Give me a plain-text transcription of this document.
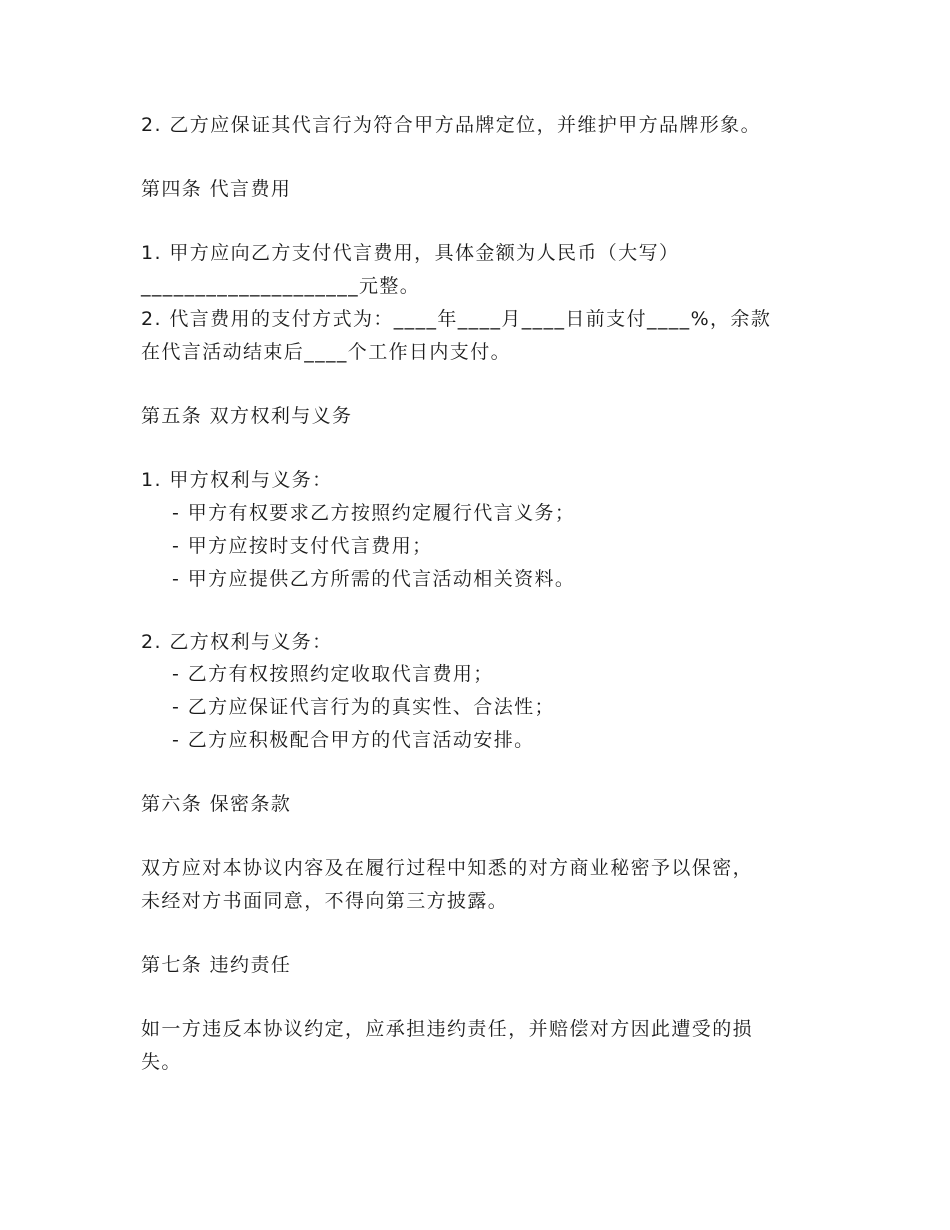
2. 乙方应保证其代言行为符合甲方品牌定位，并维护甲方品牌形象。
第四条 代言费用
1. 甲方应向乙方支付代言费用，具体金额为人民币（大写）
____________________元整。
2. 代言费用的支付方式为：____年____月____日前支付____%，余款
在代言活动结束后____个工作日内支付。
第五条 双方权利与义务
1. 甲方权利与义务：
- 甲方有权要求乙方按照约定履行代言义务；
- 甲方应按时支付代言费用；
- 甲方应提供乙方所需的代言活动相关资料。
2. 乙方权利与义务：
- 乙方有权按照约定收取代言费用；
- 乙方应保证代言行为的真实性、合法性；
- 乙方应积极配合甲方的代言活动安排。
第六条 保密条款
双方应对本协议内容及在履行过程中知悉的对方商业秘密予以保密，
未经对方书面同意，不得向第三方披露。
第七条 违约责任
如一方违反本协议约定，应承担违约责任，并赔偿对方因此遭受的损
失。
